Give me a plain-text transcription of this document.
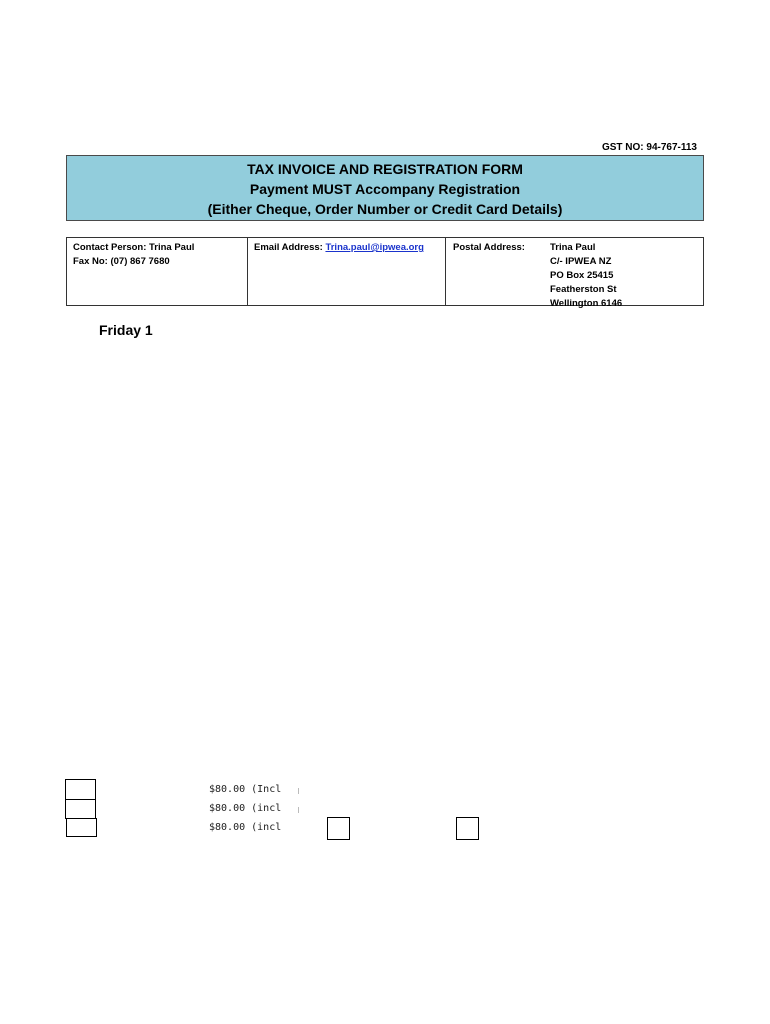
GST NO: 94-767-113
TAX INVOICE AND REGISTRATION FORM
Payment MUST Accompany Registration
(Either Cheque, Order Number or Credit Card Details)
Contact Person: Trina Paul
Fax No: (07) 867 7680
Email Address: Trina.paul@ipwea.org	Postal Address:	Trina Paul
C/- IPWEA NZ
PO Box 25415
Featherston St
Wellington 6146
Friday 1
$80.00 (Incl
$80.00 (incl
$80.00 (incl
